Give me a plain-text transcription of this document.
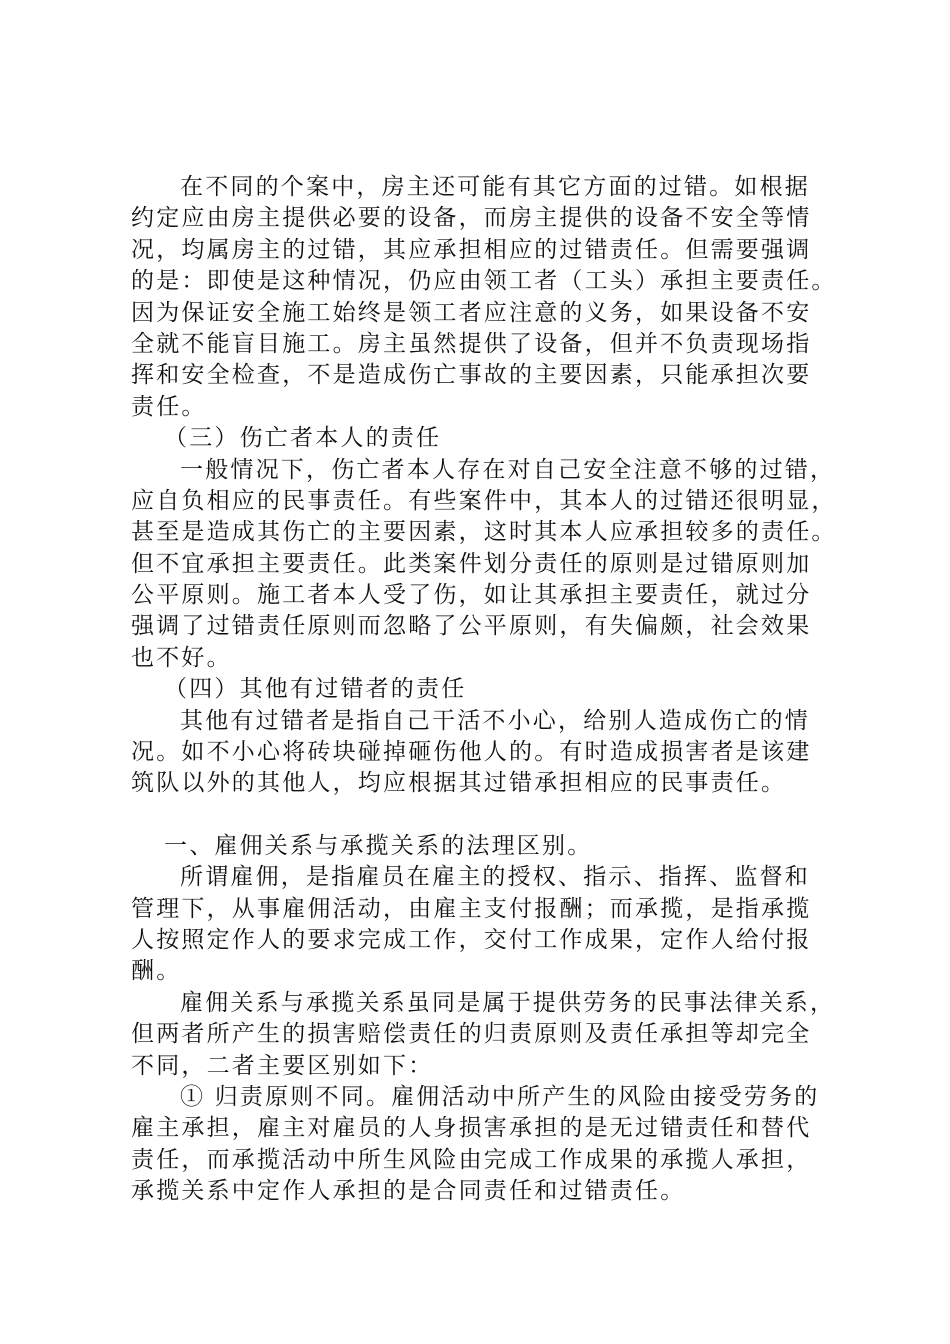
在不同的个案中，房主还可能有其它方面的过错。如根据
约定应由房主提供必要的设备，而房主提供的设备不安全等情
况，均属房主的过错，其应承担相应的过错责任。但需要强调
的是：即使是这种情况，仍应由领工者（工头）承担主要责任。
因为保证安全施工始终是领工者应注意的义务，如果设备不安
全就不能盲目施工。房主虽然提供了设备，但并不负责现场指
挥和安全检查，不是造成伤亡事故的主要因素，只能承担次要
责任。
（三）伤亡者本人的责任
一般情况下，伤亡者本人存在对自己安全注意不够的过错，
应自负相应的民事责任。有些案件中，其本人的过错还很明显，
甚至是造成其伤亡的主要因素，这时其本人应承担较多的责任。
但不宜承担主要责任。此类案件划分责任的原则是过错原则加
公平原则。施工者本人受了伤，如让其承担主要责任，就过分
强调了过错责任原则而忽略了公平原则，有失偏颇，社会效果
也不好。
（四）其他有过错者的责任
其他有过错者是指自己干活不小心，给别人造成伤亡的情
况。如不小心将砖块碰掉砸伤他人的。有时造成损害者是该建
筑队以外的其他人，均应根据其过错承担相应的民事责任。
一、雇佣关系与承揽关系的法理区别。
所谓雇佣，是指雇员在雇主的授权、指示、指挥、监督和
管理下，从事雇佣活动，由雇主支付报酬；而承揽，是指承揽
人按照定作人的要求完成工作，交付工作成果，定作人给付报
酬。
雇佣关系与承揽关系虽同是属于提供劳务的民事法律关系，
但两者所产生的损害赔偿责任的归责原则及责任承担等却完全
不同，二者主要区别如下：
① 归责原则不同。雇佣活动中所产生的风险由接受劳务的
雇主承担，雇主对雇员的人身损害承担的是无过错责任和替代
责任，而承揽活动中所生风险由完成工作成果的承揽人承担，
承揽关系中定作人承担的是合同责任和过错责任。
